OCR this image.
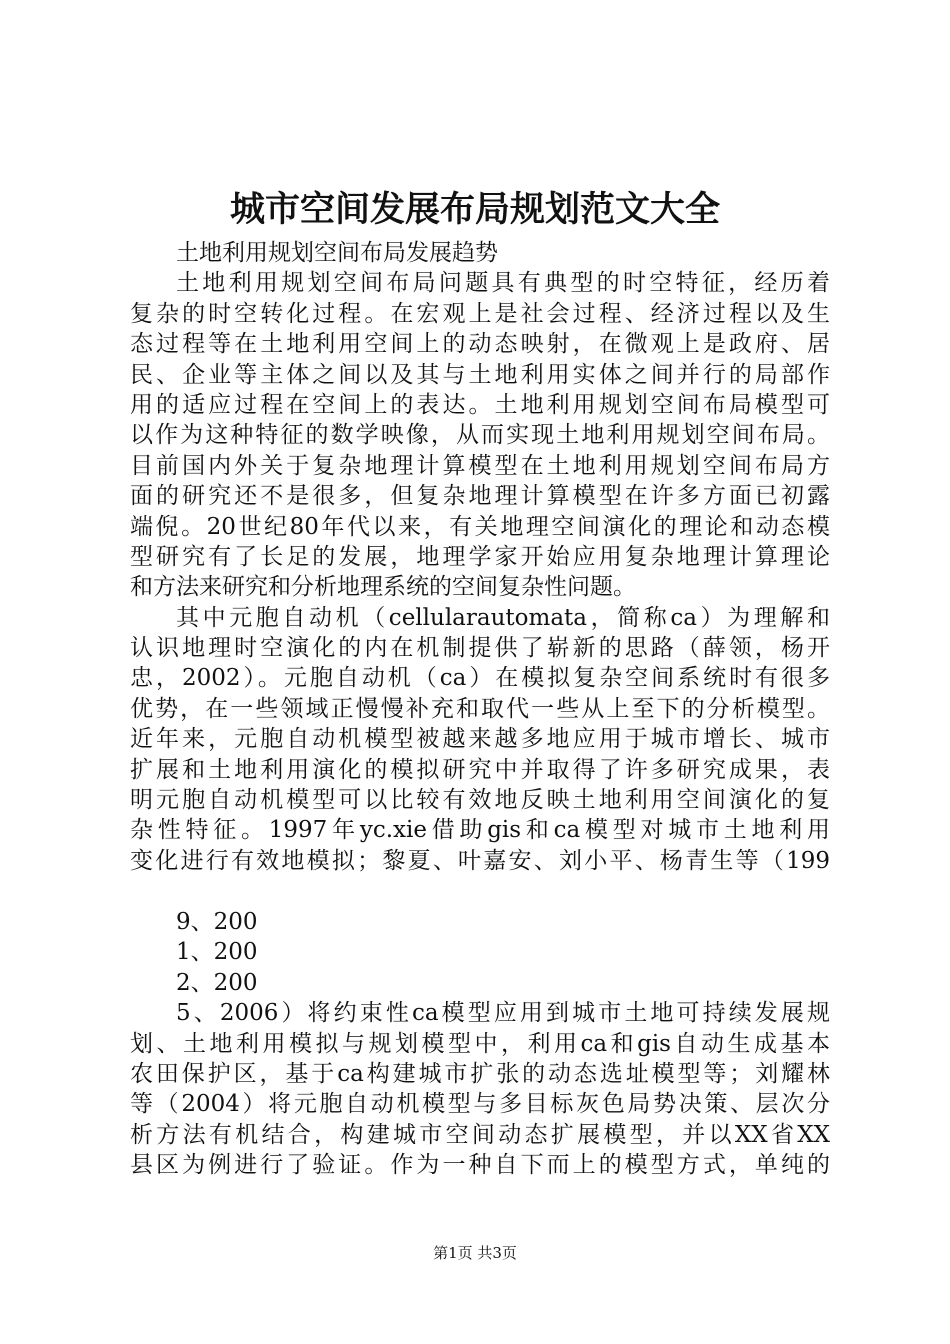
城市空间发展布局规划范文大全
土地利用规划空间布局发展趋势
土地利用规划空间布局问题具有典型的时空特征，经历着
复杂的时空转化过程。在宏观上是社会过程、经济过程以及生
态过程等在土地利用空间上的动态映射，在微观上是政府、居
民、企业等主体之间以及其与土地利用实体之间并行的局部作
用的适应过程在空间上的表达。土地利用规划空间布局模型可
以作为这种特征的数学映像，从而实现土地利用规划空间布局。
目前国内外关于复杂地理计算模型在土地利用规划空间布局方
面的研究还不是很多，但复杂地理计算模型在许多方面已初露
端倪。20世纪80年代以来，有关地理空间演化的理论和动态模
型研究有了长足的发展，地理学家开始应用复杂地理计算理论
和方法来研究和分析地理系统的空间复杂性问题。
其中元胞自动机（cellularautomata，简称ca）为理解和
认识地理时空演化的内在机制提供了崭新的思路（薛领，杨开
忠，2002）。元胞自动机（ca）在模拟复杂空间系统时有很多
优势，在一些领域正慢慢补充和取代一些从上至下的分析模型。
近年来，元胞自动机模型被越来越多地应用于城市增长、城市
扩展和土地利用演化的模拟研究中并取得了许多研究成果，表
明元胞自动机模型可以比较有效地反映土地利用空间演化的复
杂性特征。1997年yc.xie借助gis和ca模型对城市土地利用
变化进行有效地模拟；黎夏、叶嘉安、刘小平、杨青生等（199
9、200
1、200
2、200
5、2006）将约束性ca模型应用到城市土地可持续发展规
划、土地利用模拟与规划模型中，利用ca和gis自动生成基本
农田保护区，基于ca构建城市扩张的动态选址模型等；刘耀林
等（2004）将元胞自动机模型与多目标灰色局势决策、层次分
析方法有机结合，构建城市空间动态扩展模型，并以XX省XX
县区为例进行了验证。作为一种自下而上的模型方式，单纯的
第1页 共3页
